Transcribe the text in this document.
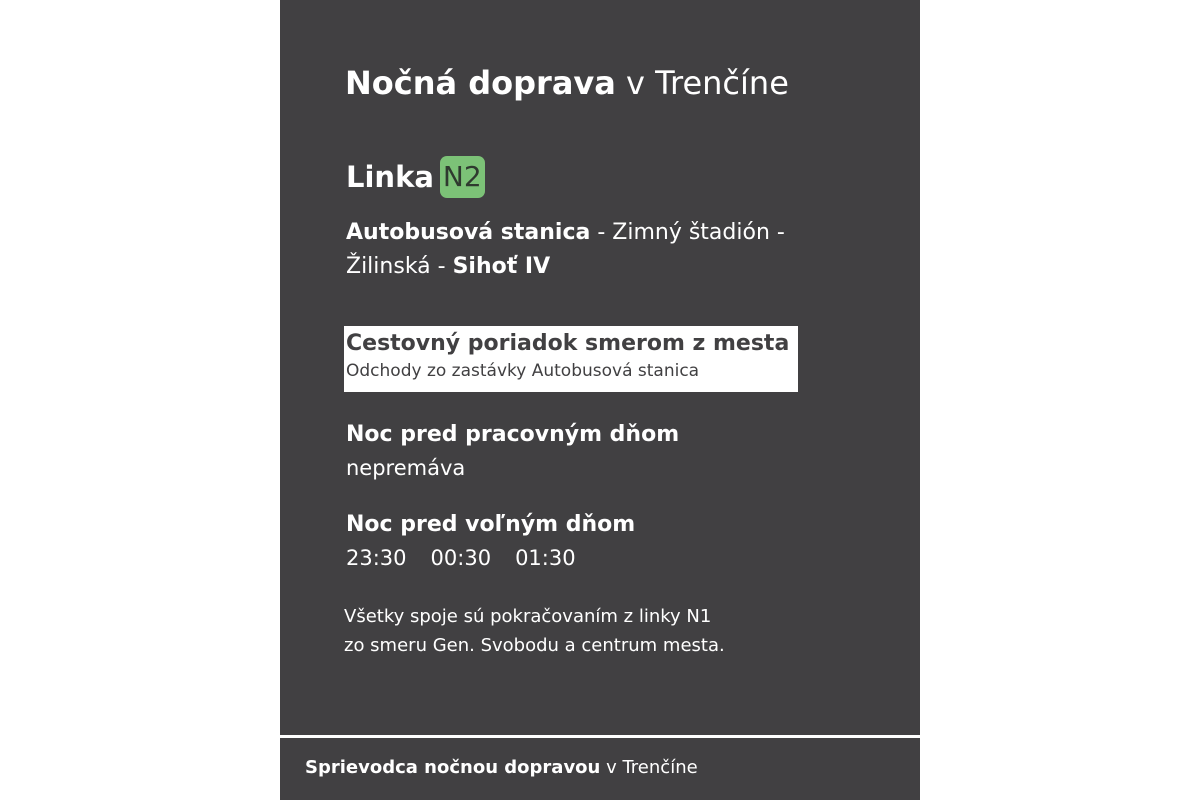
Nočná doprava v Trenčíne
Linka N2
Autobusová stanica - Zimný štadión -
Žilinská - Sihoť IV
Cestovný poriadok smerom z mesta
Odchody zo zastávky Autobusová stanica
Noc pred pracovným dňom
nepremáva
Noc pred voľným dňom
23:30 00:30 01:30
Všetky spoje sú pokračovaním z linky N1
zo smeru Gen. Svobodu a centrum mesta.
Sprievodca nočnou dopravou v Trenčíne
